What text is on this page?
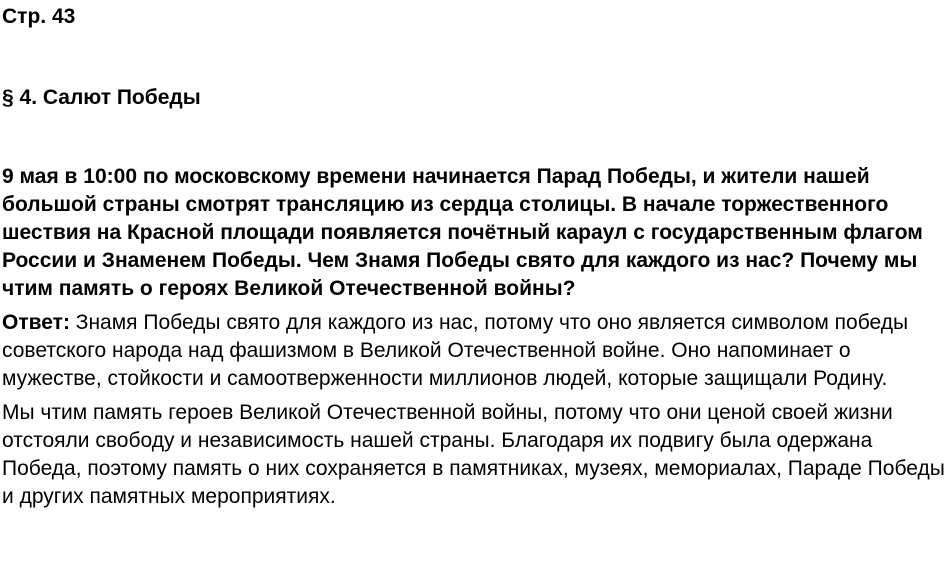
Стр. 43

§ 4. Салют Победы

9 мая в 10:00 по московскому времени начинается Парад Победы, и жители нашей большой страны смотрят трансляцию из сердца столицы. В начале торжественного шествия на Красной площади появляется почётный караул с государственным флагом России и Знаменем Победы. Чем Знамя Победы свято для каждого из нас? Почему мы чтим память о героях Великой Отечественной войны?

Ответ: Знамя Победы свято для каждого из нас, потому что оно является символом победы советского народа над фашизмом в Великой Отечественной войне. Оно напоминает о мужестве, стойкости и самоотверженности миллионов людей, которые защищали Родину.

Мы чтим память героев Великой Отечественной войны, потому что они ценой своей жизни отстояли свободу и независимость нашей страны. Благодаря их подвигу была одержана Победа, поэтому память о них сохраняется в памятниках, музеях, мемориалах, Параде Победы и других памятных мероприятиях.
